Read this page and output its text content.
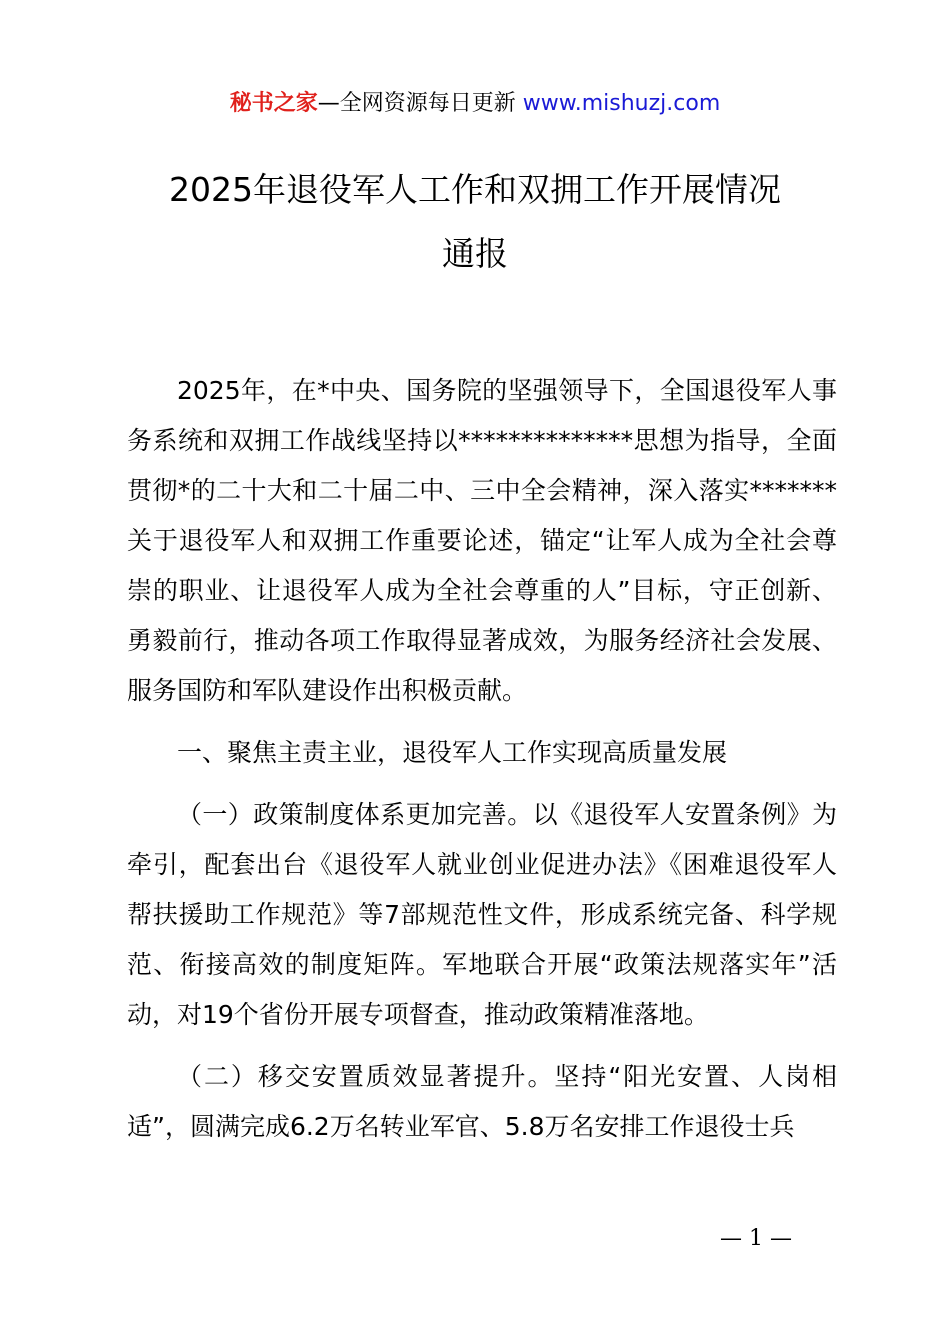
秘书之家—全网资源每日更新 www.mishuzj.com
2025年退役军人工作和双拥工作开展情况
通报

2025年，在*中央、国务院的坚强领导下，全国退役军人事务系统和双拥工作战线坚持以**************思想为指导，全面贯彻*的二十大和二十届二中、三中全会精神，深入落实*******关于退役军人和双拥工作重要论述，锚定“让军人成为全社会尊崇的职业、让退役军人成为全社会尊重的人”目标，守正创新、勇毅前行，推动各项工作取得显著成效，为服务经济社会发展、服务国防和军队建设作出积极贡献。

一、聚焦主责主业，退役军人工作实现高质量发展

（一）政策制度体系更加完善。以《退役军人安置条例》为牵引，配套出台《退役军人就业创业促进办法》《困难退役军人帮扶援助工作规范》等7部规范性文件，形成系统完备、科学规范、衔接高效的制度矩阵。军地联合开展“政策法规落实年”活动，对19个省份开展专项督查，推动政策精准落地。

（二）移交安置质效显著提升。坚持“阳光安置、人岗相适”，圆满完成6.2万名转业军官、5.8万名安排工作退役士兵

— 1 —
